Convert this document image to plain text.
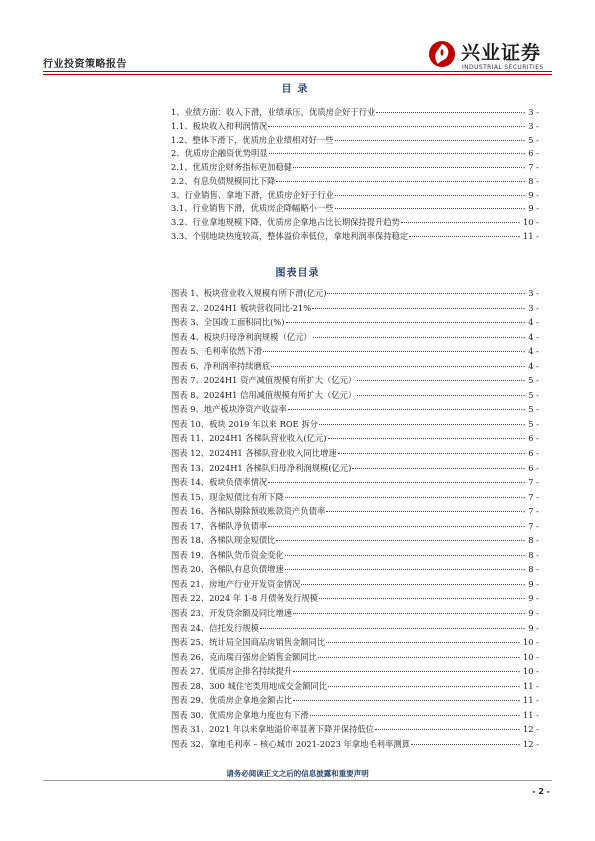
行业投资策略报告
兴业证券
INDUSTRIAL SECURITIES
目录
1、业绩方面：收入下滑，业绩承压，优质房企好于行业	- 3 -
1.1、板块收入和利润情况	- 3 -
1.2、整体下滑下，优质房企业绩相对好一些	- 5 -
2、优质房企融资优势明显	- 6 -
2.1、优质房企财务指标更加稳健	- 7 -
2.2、有息负债规模同比下降	- 8 -
3、行业销售、拿地下滑，优质房企好于行业	- 9 -
3.1、行业销售下滑，优质房企降幅略小一些	- 9 -
3.2、行业拿地规模下降，优质房企拿地占比长期保持提升趋势	- 10 -
3.3、个别地块热度较高，整体溢价率低位，拿地利润率保持稳定	- 11 -
图表目录
图表 1、板块营业收入规模有所下滑(亿元)	- 3 -
图表 2、2024H1 板块营收同比-21%	- 3 -
图表 3、全国竣工面积同比(%)	- 4 -
图表 4、板块归母净利润规模（亿元）	- 4 -
图表 5、毛利率依然下滑	- 4 -
图表 6、净利润率持续磨底	- 4 -
图表 7、2024H1 资产减值规模有所扩大（亿元）	- 5 -
图表 8、2024H1 信用减值规模有所扩大（亿元）	- 5 -
图表 9、地产板块净资产收益率	- 5 -
图表 10、板块 2019 年以来 ROE 拆分	- 5 -
图表 11、2024H1 各梯队营业收入(亿元)	- 6 -
图表 12、2024H1 各梯队营业收入同比增速	- 6 -
图表 13、2024H1 各梯队归母净利润规模(亿元)	- 6 -
图表 14、板块负债率情况	- 7 -
图表 15、现金短债比有所下降	- 7 -
图表 16、各梯队剔除预收账款资产负债率	- 7 -
图表 17、各梯队净负债率	- 7 -
图表 18、各梯队现金短债比	- 8 -
图表 19、各梯队货币资金变化	- 8 -
图表 20、各梯队有息负债增速	- 8 -
图表 21、房地产行业开发资金情况	- 9 -
图表 22、2024 年 1-8 月债务发行规模	- 9 -
图表 23、开发贷余额及同比增速	- 9 -
图表 24、信托发行规模	- 9 -
图表 25、统计局全国商品房销售金额同比	- 10 -
图表 26、克而瑞百强房企销售金额同比	- 10 -
图表 27、优质房企排名持续提升	- 10 -
图表 28、300 城住宅类用地成交金额同比	- 11 -
图表 29、优质房企拿地金额占比	- 11 -
图表 30、优质房企拿地力度也有下滑	- 11 -
图表 31、2021 年以来拿地溢价率显著下降并保持低位	- 12 -
图表 32、拿地毛利率 – 核心城市 2021-2023 年拿地毛利率测算	- 12 -
请务必阅读正文之后的信息披露和重要声明
- 2 -
